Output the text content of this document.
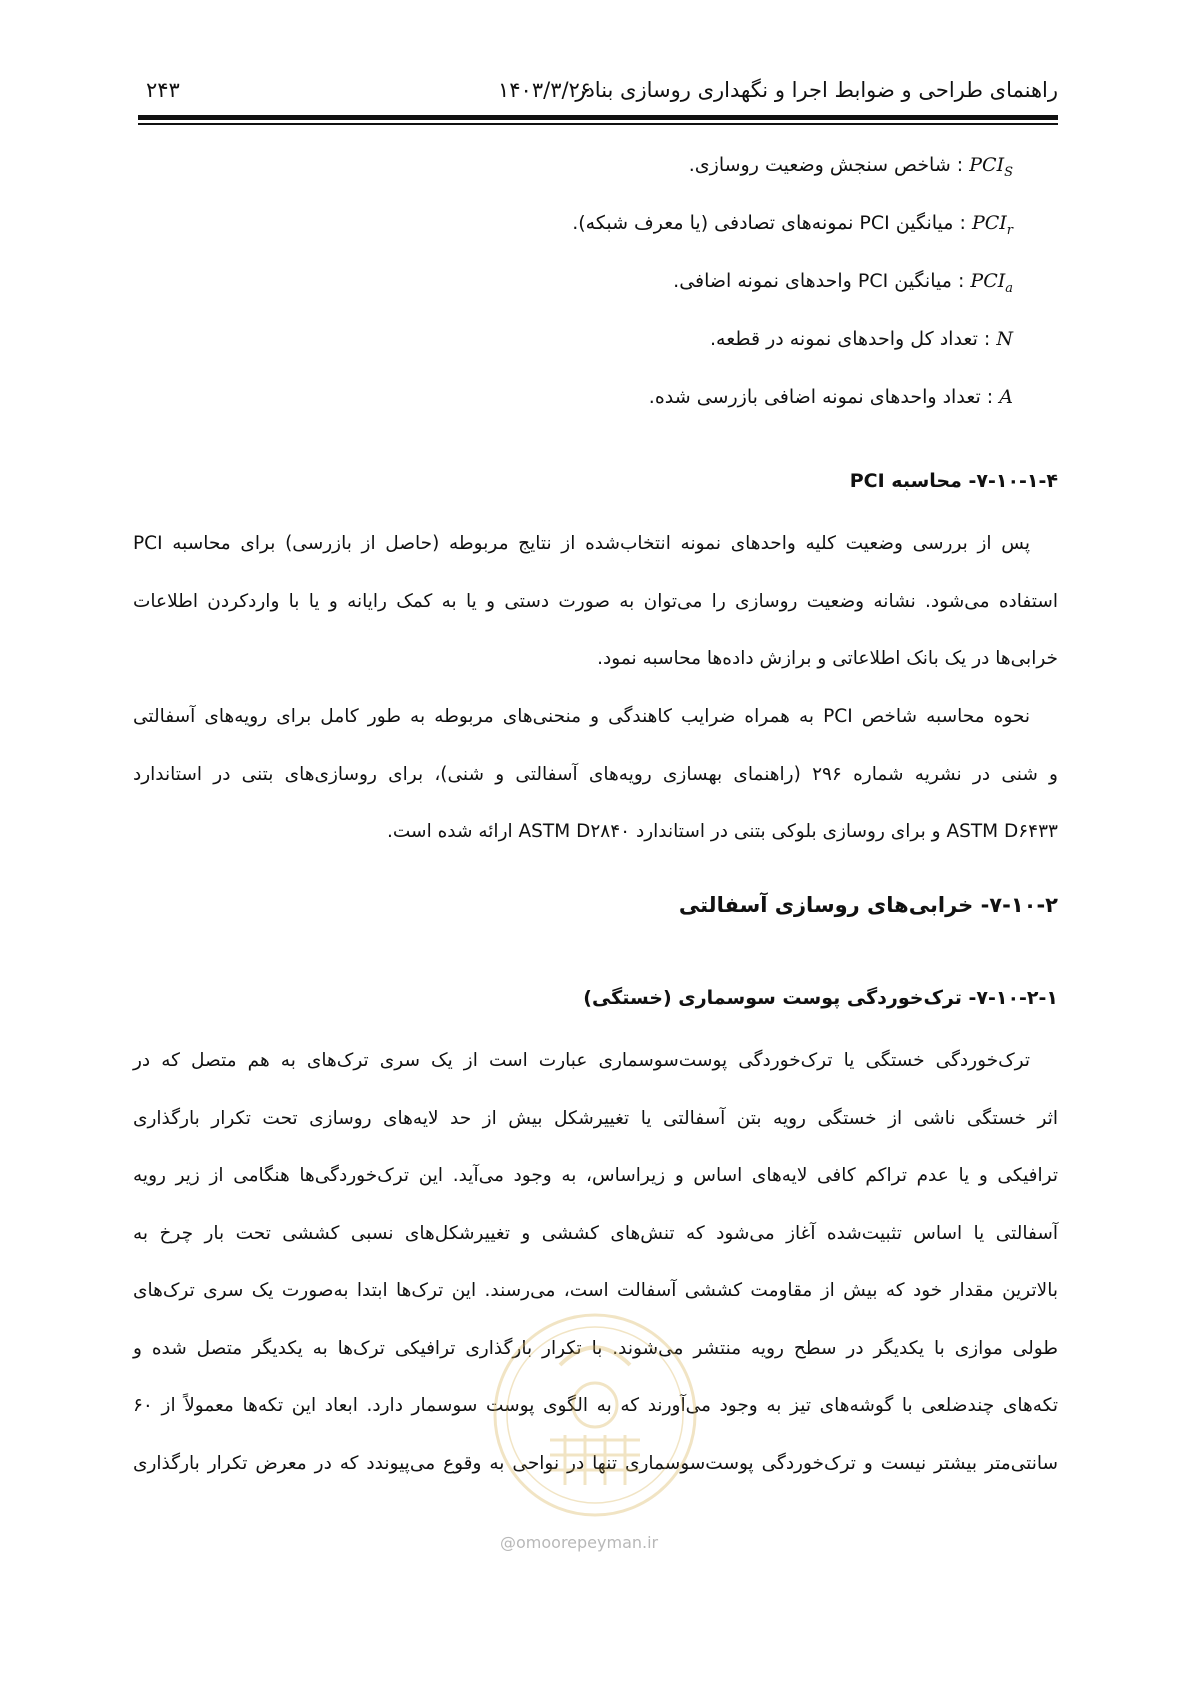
راهنمای طراحی و ضوابط اجرا و نگهداری روسازی بنادر
۱۴۰۳/۳/۲۶
۲۴۳
$PCI_S$ : شاخص سنجش وضعیت روسازی.
$PCI_r$ : میانگین PCI نمونه‌های تصادفی (یا معرف شبکه).
$PCI_a$ : میانگین PCI واحدهای نمونه اضافی.
N : تعداد کل واحدهای نمونه در قطعه.
A : تعداد واحدهای نمونه اضافی بازرسی شده.
۷-۱۰-۱-۴- محاسبه PCI
پس از بررسی وضعیت کلیه واحدهای نمونه انتخاب‌شده از نتایج مربوطه (حاصل از بازرسی) برای محاسبه PCI
استفاده می‌شود. نشانه وضعیت روسازی را می‌توان به صورت دستی و یا به کمک رایانه و یا با واردکردن اطلاعات
خرابی‌ها در یک بانک اطلاعاتی و برازش داده‌ها محاسبه نمود.
نحوه محاسبه شاخص PCI به همراه ضرایب کاهندگی و منحنی‌های مربوطه به طور کامل برای رویه‌های آسفالتی
و شنی در نشریه شماره ۲۹۶ (راهنمای بهسازی رویه‌های آسفالتی و شنی)، برای روسازی‌های بتنی در استاندارد
ASTM D۶۴۳۳ و برای روسازی بلوکی بتنی در استاندارد ASTM D۲۸۴۰ ارائه شده است.
۷-۱۰-۲- خرابی‌های روسازی آسفالتی
۷-۱۰-۲-۱- ترک‌خوردگی پوست سوسماری (خستگی)
ترک‌خوردگی خستگی یا ترک‌خوردگی پوست‌سوسماری عبارت است از یک سری ترک‌های به هم متصل که در
اثر خستگی ناشی از خستگی رویه بتن آسفالتی یا تغییرشکل بیش از حد لایه‌های روسازی تحت تکرار بارگذاری
ترافیکی و یا عدم تراکم کافی لایه‌های اساس و زیراساس، به وجود می‌آید. این ترک‌خوردگی‌ها هنگامی از زیر رویه
آسفالتی یا اساس تثبیت‌شده آغاز می‌شود که تنش‌های کششی و تغییرشکل‌های نسبی کششی تحت بار چرخ به
بالاترین مقدار خود که بیش از مقاومت کششی آسفالت است، می‌رسند. این ترک‌ها ابتدا به‌صورت یک سری ترک‌های
طولی موازی با یکدیگر در سطح رویه منتشر می‌شوند. با تکرار بارگذاری ترافیکی ترک‌ها به یکدیگر متصل شده و
تکه‌های چندضلعی با گوشه‌های تیز به وجود می‌آورند که به الگوی پوست سوسمار دارد. ابعاد این تکه‌ها معمولاً از ۶۰
سانتی‌متر بیشتر نیست و ترک‌خوردگی پوست‌سوسماری تنها در نواحی به وقوع می‌پیوندد که در معرض تکرار بارگذاری
@omoorepeyman.ir
